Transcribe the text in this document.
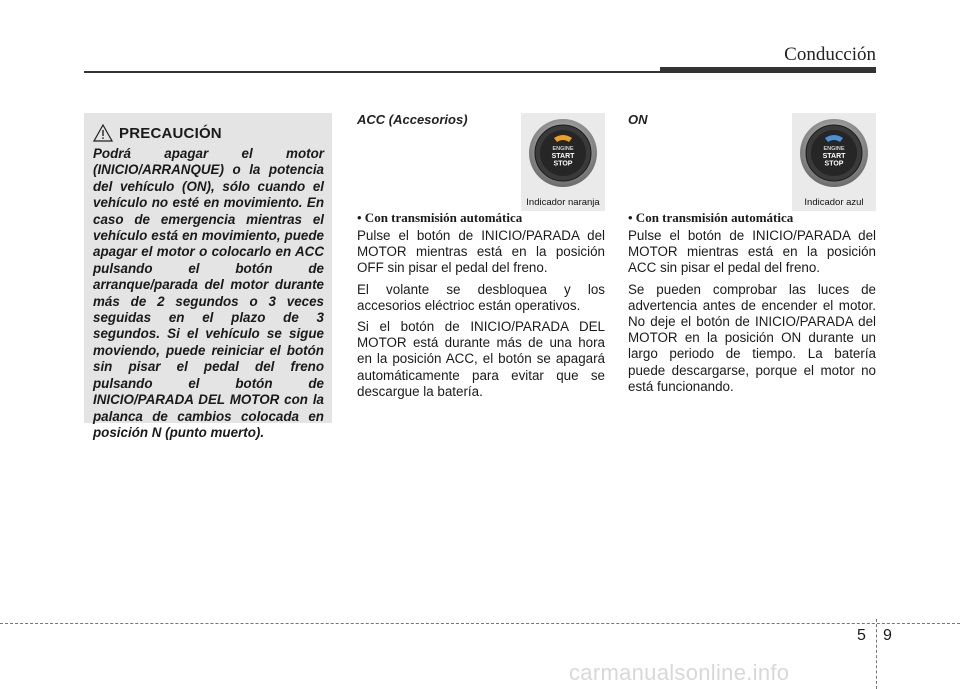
Conducción
PRECAUCIÓN

Podrá apagar el motor (INICIO/ARRANQUE) o la potencia del vehículo (ON), sólo cuando el vehículo no esté en movimiento. En caso de emergencia mientras el vehículo está en movimiento, puede apagar el motor o colocarlo en ACC pulsando el botón de arranque/parada del motor durante más de 2 segundos o 3 veces seguidas en el plazo de 3 segundos. Si el vehículo se sigue moviendo, puede reiniciar el botón sin pisar el pedal del freno pulsando el botón de INICIO/PARADA DEL MOTOR con la palanca de cambios colocada en posición N (punto muerto).

ACC (Accesorios)
ENGINE
START
STOP
Indicador naranja

• Con transmisión automática

Pulse el botón de INICIO/PARADA del MOTOR mientras está en la posición OFF sin pisar el pedal del freno.

El volante se desbloquea y los accesorios eléctrioc están operativos.

Si el botón de INICIO/PARADA DEL MOTOR está durante más de una hora en la posición ACC, el botón se apagará automáticamente para evitar que se descargue la batería.

ON
ENGINE
START
STOP
Indicador azul

• Con transmisión automática

Pulse el botón de INICIO/PARADA del MOTOR mientras está en la posición ACC sin pisar el pedal del freno.

Se pueden comprobar las luces de advertencia antes de encender el motor. No deje el botón de INICIO/PARADA del MOTOR en la posición ON durante un largo periodo de tiempo. La batería puede descargarse, porque el motor no está funcionando.

5 9
carmanualsonline.info
